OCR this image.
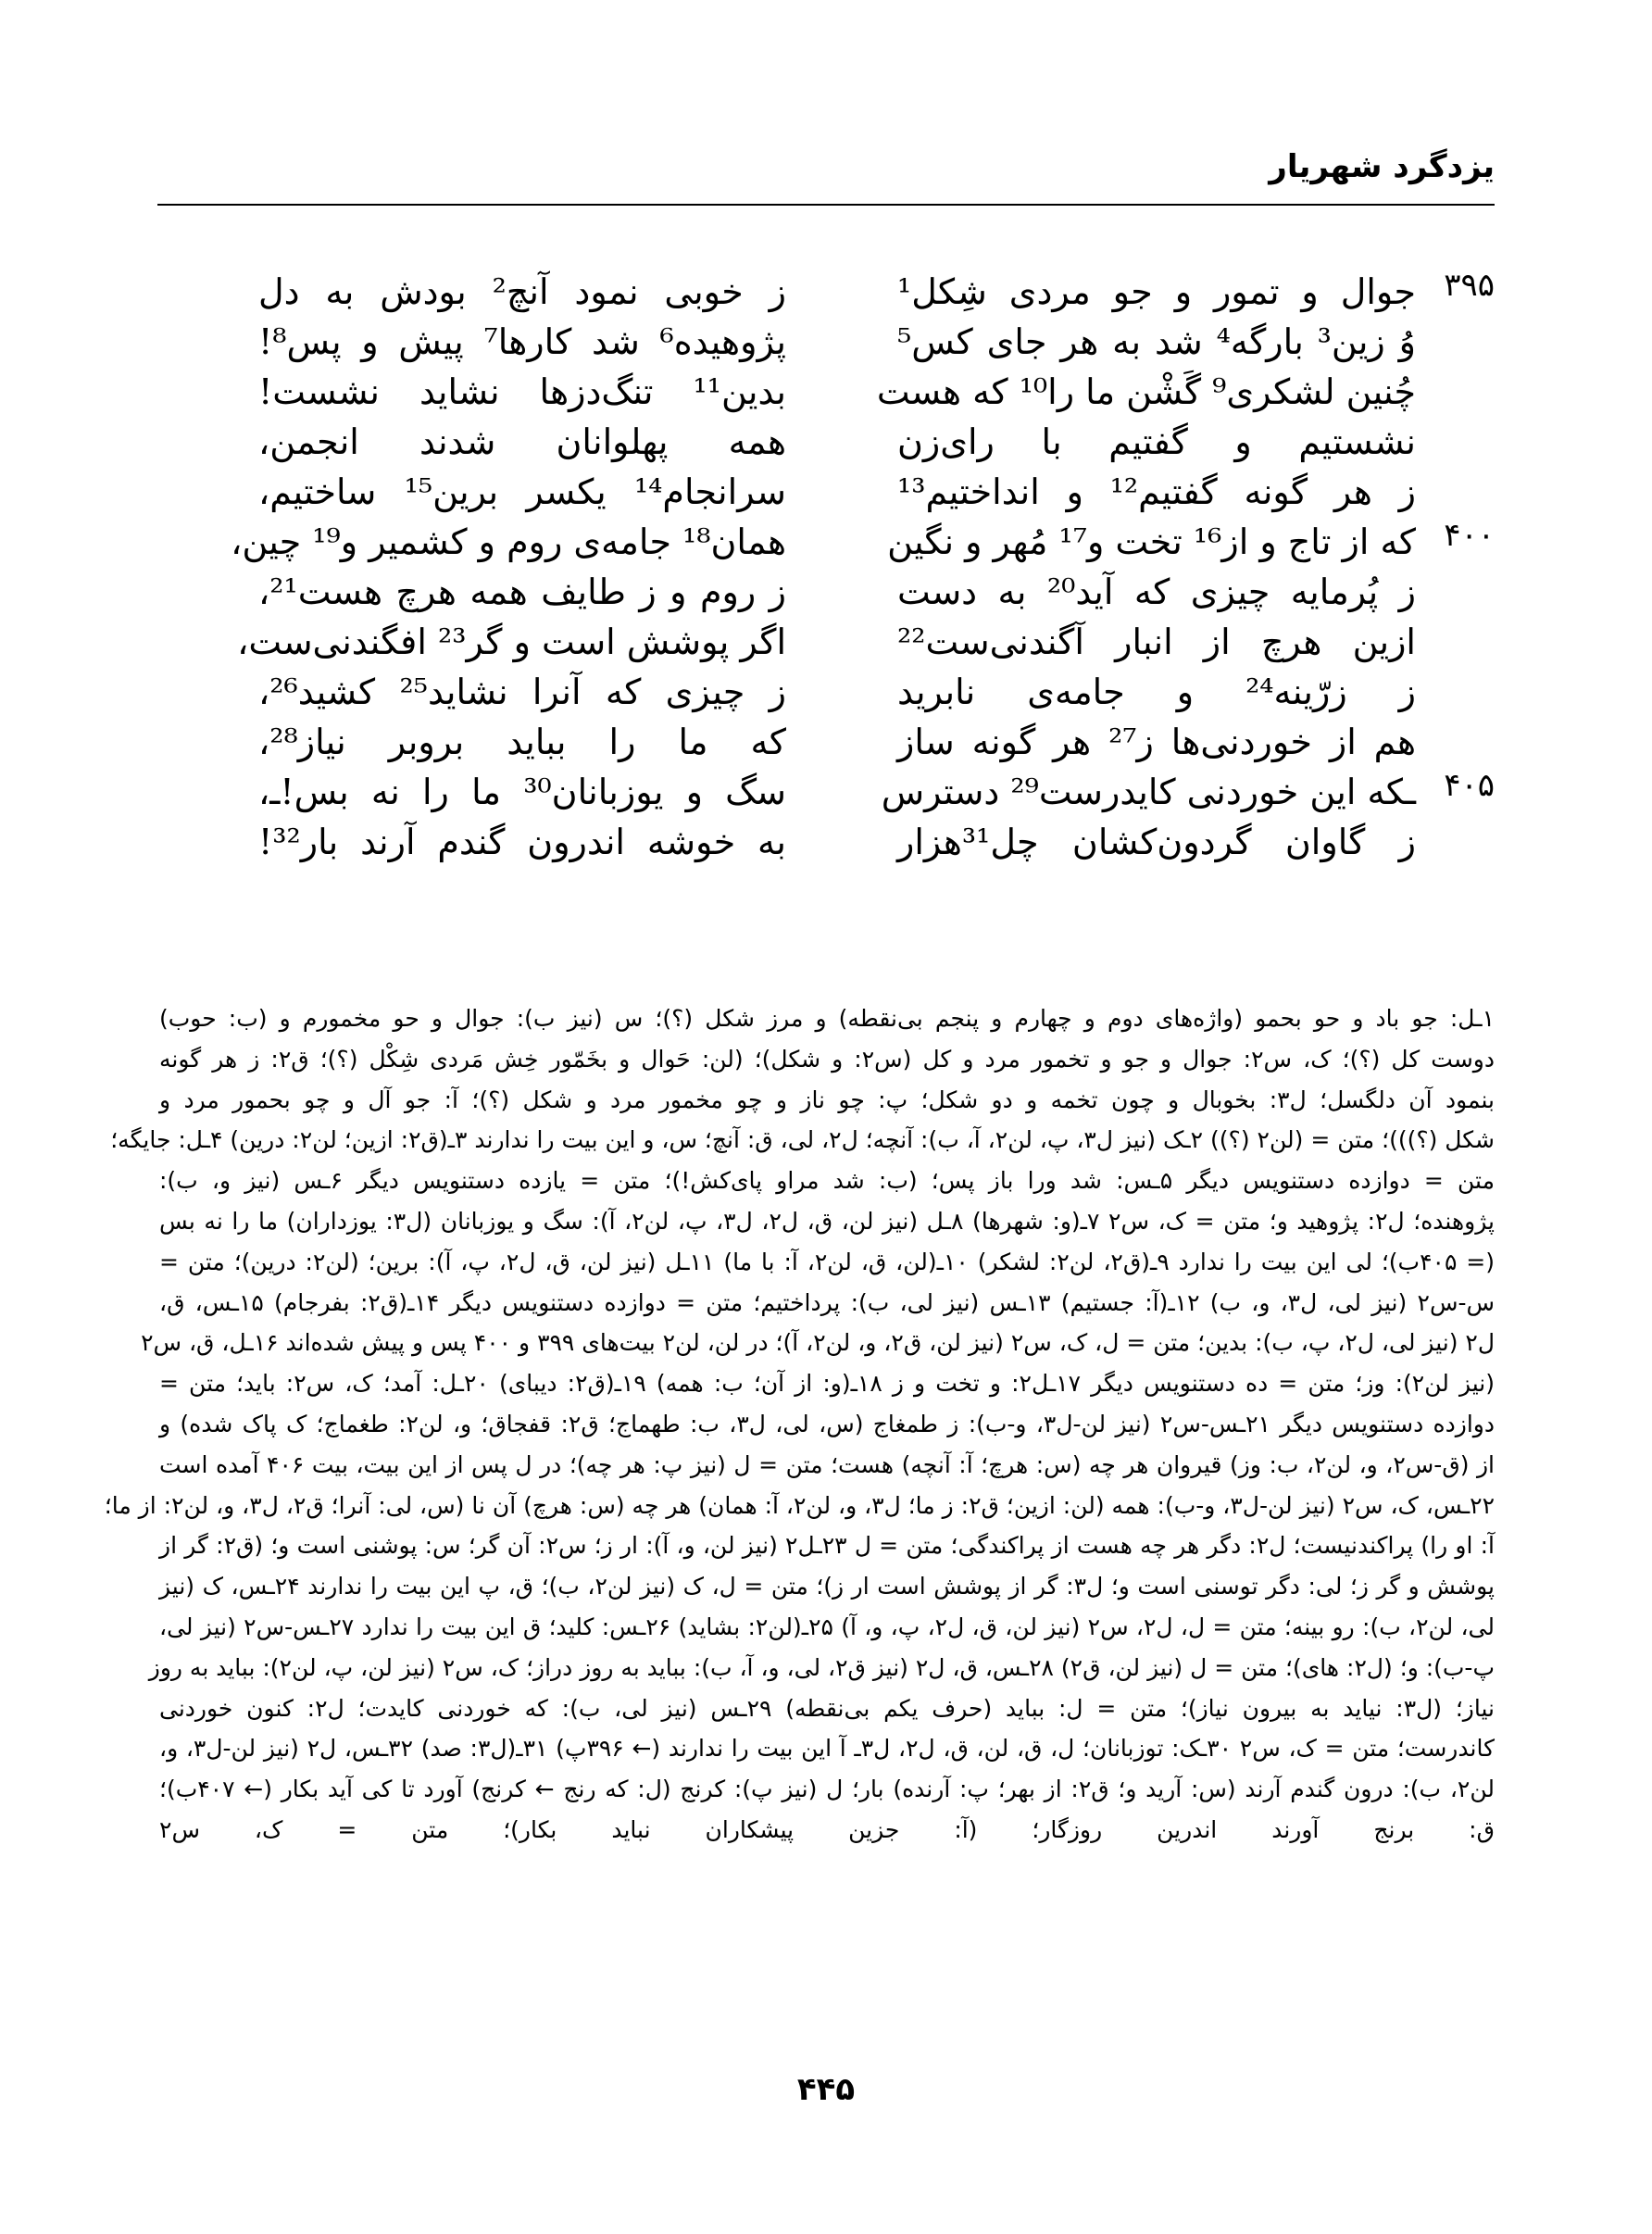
یزدگرد شهریار
۳۹۵
۴۰۰
۴۰۵
جوال و تمور و جو مردی شِکل¹
وُ زین³ بارگه⁴ شد به هر جای کس⁵
چُنین لشکری⁹ گَشْن ما را¹⁰ که هست
نشستیم و گفتیم با رای‌زن
ز هر گونه گفتیم¹² و انداختیم¹³
که از تاج و از¹⁶ تخت و¹⁷ مُهر و نگین
ز پُرمایه چیزی که آید²⁰ به دست
ازین هرچ از انبار آگندنی‌ست²²
ز زرّینه²⁴ و جامه‌ی نابرید
هم از خوردنی‌ها ز²⁷ هر گونه ساز
ـکه این خوردنی کایدرست²⁹ دسترس
ز گاوان گردون‌کشان چل³¹هزار
ز خوبی نمود آنچ² بودش به دل
پژوهیده⁶ شد کارها⁷ پیش و پس⁸!
بدین¹¹ تنگ‌دزها نشاید نشست!
همه پهلوانان شدند انجمن،
سرانجام¹⁴ یکسر برین¹⁵ ساختیم،
همان¹⁸ جامه‌ی روم و کشمیر و¹⁹ چین،
ز روم و ز طایف همه هرچ هست²¹،
اگر پوشش است و گر²³ افگندنی‌ست،
ز چیزی که آنرا نشاید²⁵ کشید²⁶،
که ما را بباید بروبر نیاز²⁸،
سگ و یوزبانان³⁰ ما را نه بس!ـ،
به خوشه اندرون گندم آرند بار³²!
۱ـل: جو باد و حو بحمو (واژه‌های دوم و چهارم و پنجم بی‌نقطه) و مرز شکل (؟)؛ س (نیز ب): جوال و حو مخمورم و (ب: حوب)
دوست کل (؟)؛ ک، س۲: جوال و جو و تخمور مرد و کل (س۲: و شکل)؛ (لن: حَوال و بخَمّور خِش مَردی شِکْل (؟)؛ ق۲: ز هر گونه
بنمود آن دلگسل؛ ل۳: بخوبال و چون تخمه و دو شکل؛ پ: چو ناز و چو مخمور مرد و شکل (؟)؛ آ: جو آل و چو بحمور مرد و
شکل (؟)))؛ متن = (لن۲ (؟)) ۲ـک (نیز ل۳، پ، لن۲، آ، ب): آنچه؛ ل۲، لی، ق: آنچ؛ س، و این بیت را ندارند ۳ـ(ق۲: ازین؛ لن۲: درین) ۴ـل: جایگه؛
متن = دوازده دستنویس دیگر ۵ـس: شد ورا باز پس؛ (ب: شد مراو پای‌کش!)؛ متن = یازده دستنویس دیگر ۶ـس (نیز و، ب):
پژوهنده؛ ل۲: پژوهید و؛ متن = ک، س۲ ۷ـ(و: شهرها) ۸ـل (نیز لن، ق، ل۲، ل۳، پ، لن۲، آ): سگ و یوزبانان (ل۳: یوزداران) ما را نه بس
(= ۴۰۵ب)؛ لی این بیت را ندارد ۹ـ(ق۲، لن۲: لشکر) ۱۰ـ(لن، ق، لن۲، آ: با ما) ۱۱ـل (نیز لن، ق، ل۲، پ، آ): برین؛ (لن۲: درین)؛ متن =
س-س۲ (نیز لی، ل۳، و، ب) ۱۲ـ(آ: جستیم) ۱۳ـس (نیز لی، ب): پرداختیم؛ متن = دوازده دستنویس دیگر ۱۴ـ(ق۲: بفرجام) ۱۵ـس، ق،
ل۲ (نیز لی، ل۲، پ، ب): بدین؛ متن = ل، ک، س۲ (نیز لن، ق۲، و، لن۲، آ)؛ در لن، لن۲ بیت‌های ۳۹۹ و ۴۰۰ پس و پیش شده‌اند ۱۶ـل، ق، س۲
(نیز لن۲): وز؛ متن = ده دستنویس دیگر ۱۷ـل۲: و تخت و ز ۱۸ـ(و: از آن؛ ب: همه) ۱۹ـ(ق۲: دیبای) ۲۰ـل: آمد؛ ک، س۲: باید؛ متن =
دوازده دستنویس دیگر ۲۱ـس-س۲ (نیز لن-ل۳، و-ب): ز طمغاج (س، لی، ل۳، ب: طهماج؛ ق۲: قفجاق؛ و، لن۲: طغماج؛ ک پاک شده) و
از (ق-س۲، و، لن۲، ب: وز) قیروان هر چه (س: هرچ؛ آ: آنچه) هست؛ متن = ل (نیز پ: هر چه)؛ در ل پس از این بیت، بیت ۴۰۶ آمده است
۲۲ـس، ک، س۲ (نیز لن-ل۳، و-ب): همه (لن: ازین؛ ق۲: ز ما؛ ل۳، و، لن۲، آ: همان) هر چه (س: هرچ) آن نا (س، لی: آنرا؛ ق۲، ل۳، و، لن۲: از ما؛
آ: او را) پراکندنیست؛ ل۲: دگر هر چه هست از پراکندگی؛ متن = ل ۲۳ـل۲ (نیز لن، و، آ): ار ز؛ س۲: آن گر؛ س: پوشنی است و؛ (ق۲: گر از
پوشش و گر ز؛ لی: دگر توسنی است و؛ ل۳: گر از پوشش است ار ز)؛ متن = ل، ک (نیز لن۲، ب)؛ ق، پ این بیت را ندارند ۲۴ـس، ک (نیز
لی، لن۲، ب): رو بینه؛ متن = ل، ل۲، س۲ (نیز لن، ق، ل۲، پ، و، آ) ۲۵ـ(لن۲: بشاید) ۲۶ـس: کلید؛ ق این بیت را ندارد ۲۷ـس-س۲ (نیز لی،
پ-ب): و؛ (ل۲: های)؛ متن = ل (نیز لن، ق۲) ۲۸ـس، ق، ل۲ (نیز ق۲، لی، و، آ، ب): بباید به روز دراز؛ ک، س۲ (نیز لن، پ، لن۲): بباید به روز
نیاز؛ (ل۳: نیاید به بیرون نیاز)؛ متن = ل: بباید (حرف یکم بی‌نقطه) ۲۹ـس (نیز لی، ب): که خوردنی کایدت؛ ل۲: کنون خوردنی
کاندرست؛ متن = ک، س۲ ۳۰ـک: توزبانان؛ ل، ق، لن، ق، ل۲، ل۳ـ آ این بیت را ندارند (← ۳۹۶پ) ۳۱ـ(ل۳: صد) ۳۲ـس، ل۲ (نیز لن-ل۳، و،
لن۲، ب): درون گندم آرند (س: آرید و؛ ق۲: از بهر؛ پ: آرنده) بار؛ ل (نیز پ): کرنج (ل: که رنج ← کرنج) آورد تا کی آید بکار (← ۴۰۷ب)؛
ق: برنج آورند اندرین روزگار؛ (آ: جزین پیشکاران نباید بکار)؛ متن = ک، س۲
۴۴۵
